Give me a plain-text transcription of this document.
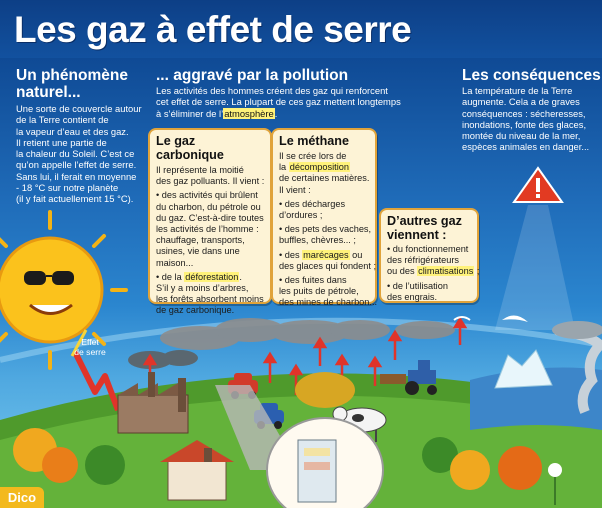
Les gaz à effet de serre
Un phénomène
naturel...
Une sorte de couvercle autour
de la Terre contient de
la vapeur d’eau et des gaz.
Il retient une partie de
la chaleur du Soleil. C’est ce
qu’on appelle l’effet de serre.
Sans lui, il ferait en moyenne
- 18 °C sur notre planète
(il y fait actuellement 15 °C).
... aggravé par la pollution
Les activités des hommes créent des gaz qui renforcent
cet effet de serre. La plupart de ces gaz mettent longtemps
à s’éliminer de l’atmosphère.
Les conséquences
La température de la Terre
augmente. Cela a de graves
conséquences : sécheresses,
inondations, fonte des glaces,
montée du niveau de la mer,
espèces animales en danger...
Le gaz carbonique
Il représente la moitié
des gaz polluants. Il vient :
• des activités qui brûlent
du charbon, du pétrole ou
du gaz. C’est-à-dire toutes
les activités de l’homme :
chauffage, transports,
usines, vie dans une
maison...
• de la déforestation.
S’il y a moins d’arbres,
les forêts absorbent moins
de gaz carbonique.
Le méthane
Il se crée lors de
la décomposition
de certaines matières.
Il vient :
• des décharges
d’ordures ;
• des pets des vaches,
buffles, chèvres... ;
• des marécages ou
des glaces qui fondent ;
• des fuites dans
les puits de pétrole,
des mines de charbon...
D’autres gaz
viennent :
• du fonctionnement
des réfrigérateurs
ou des climatisations ;
• de l’utilisation
des engrais.
Effet
de serre
Dico
